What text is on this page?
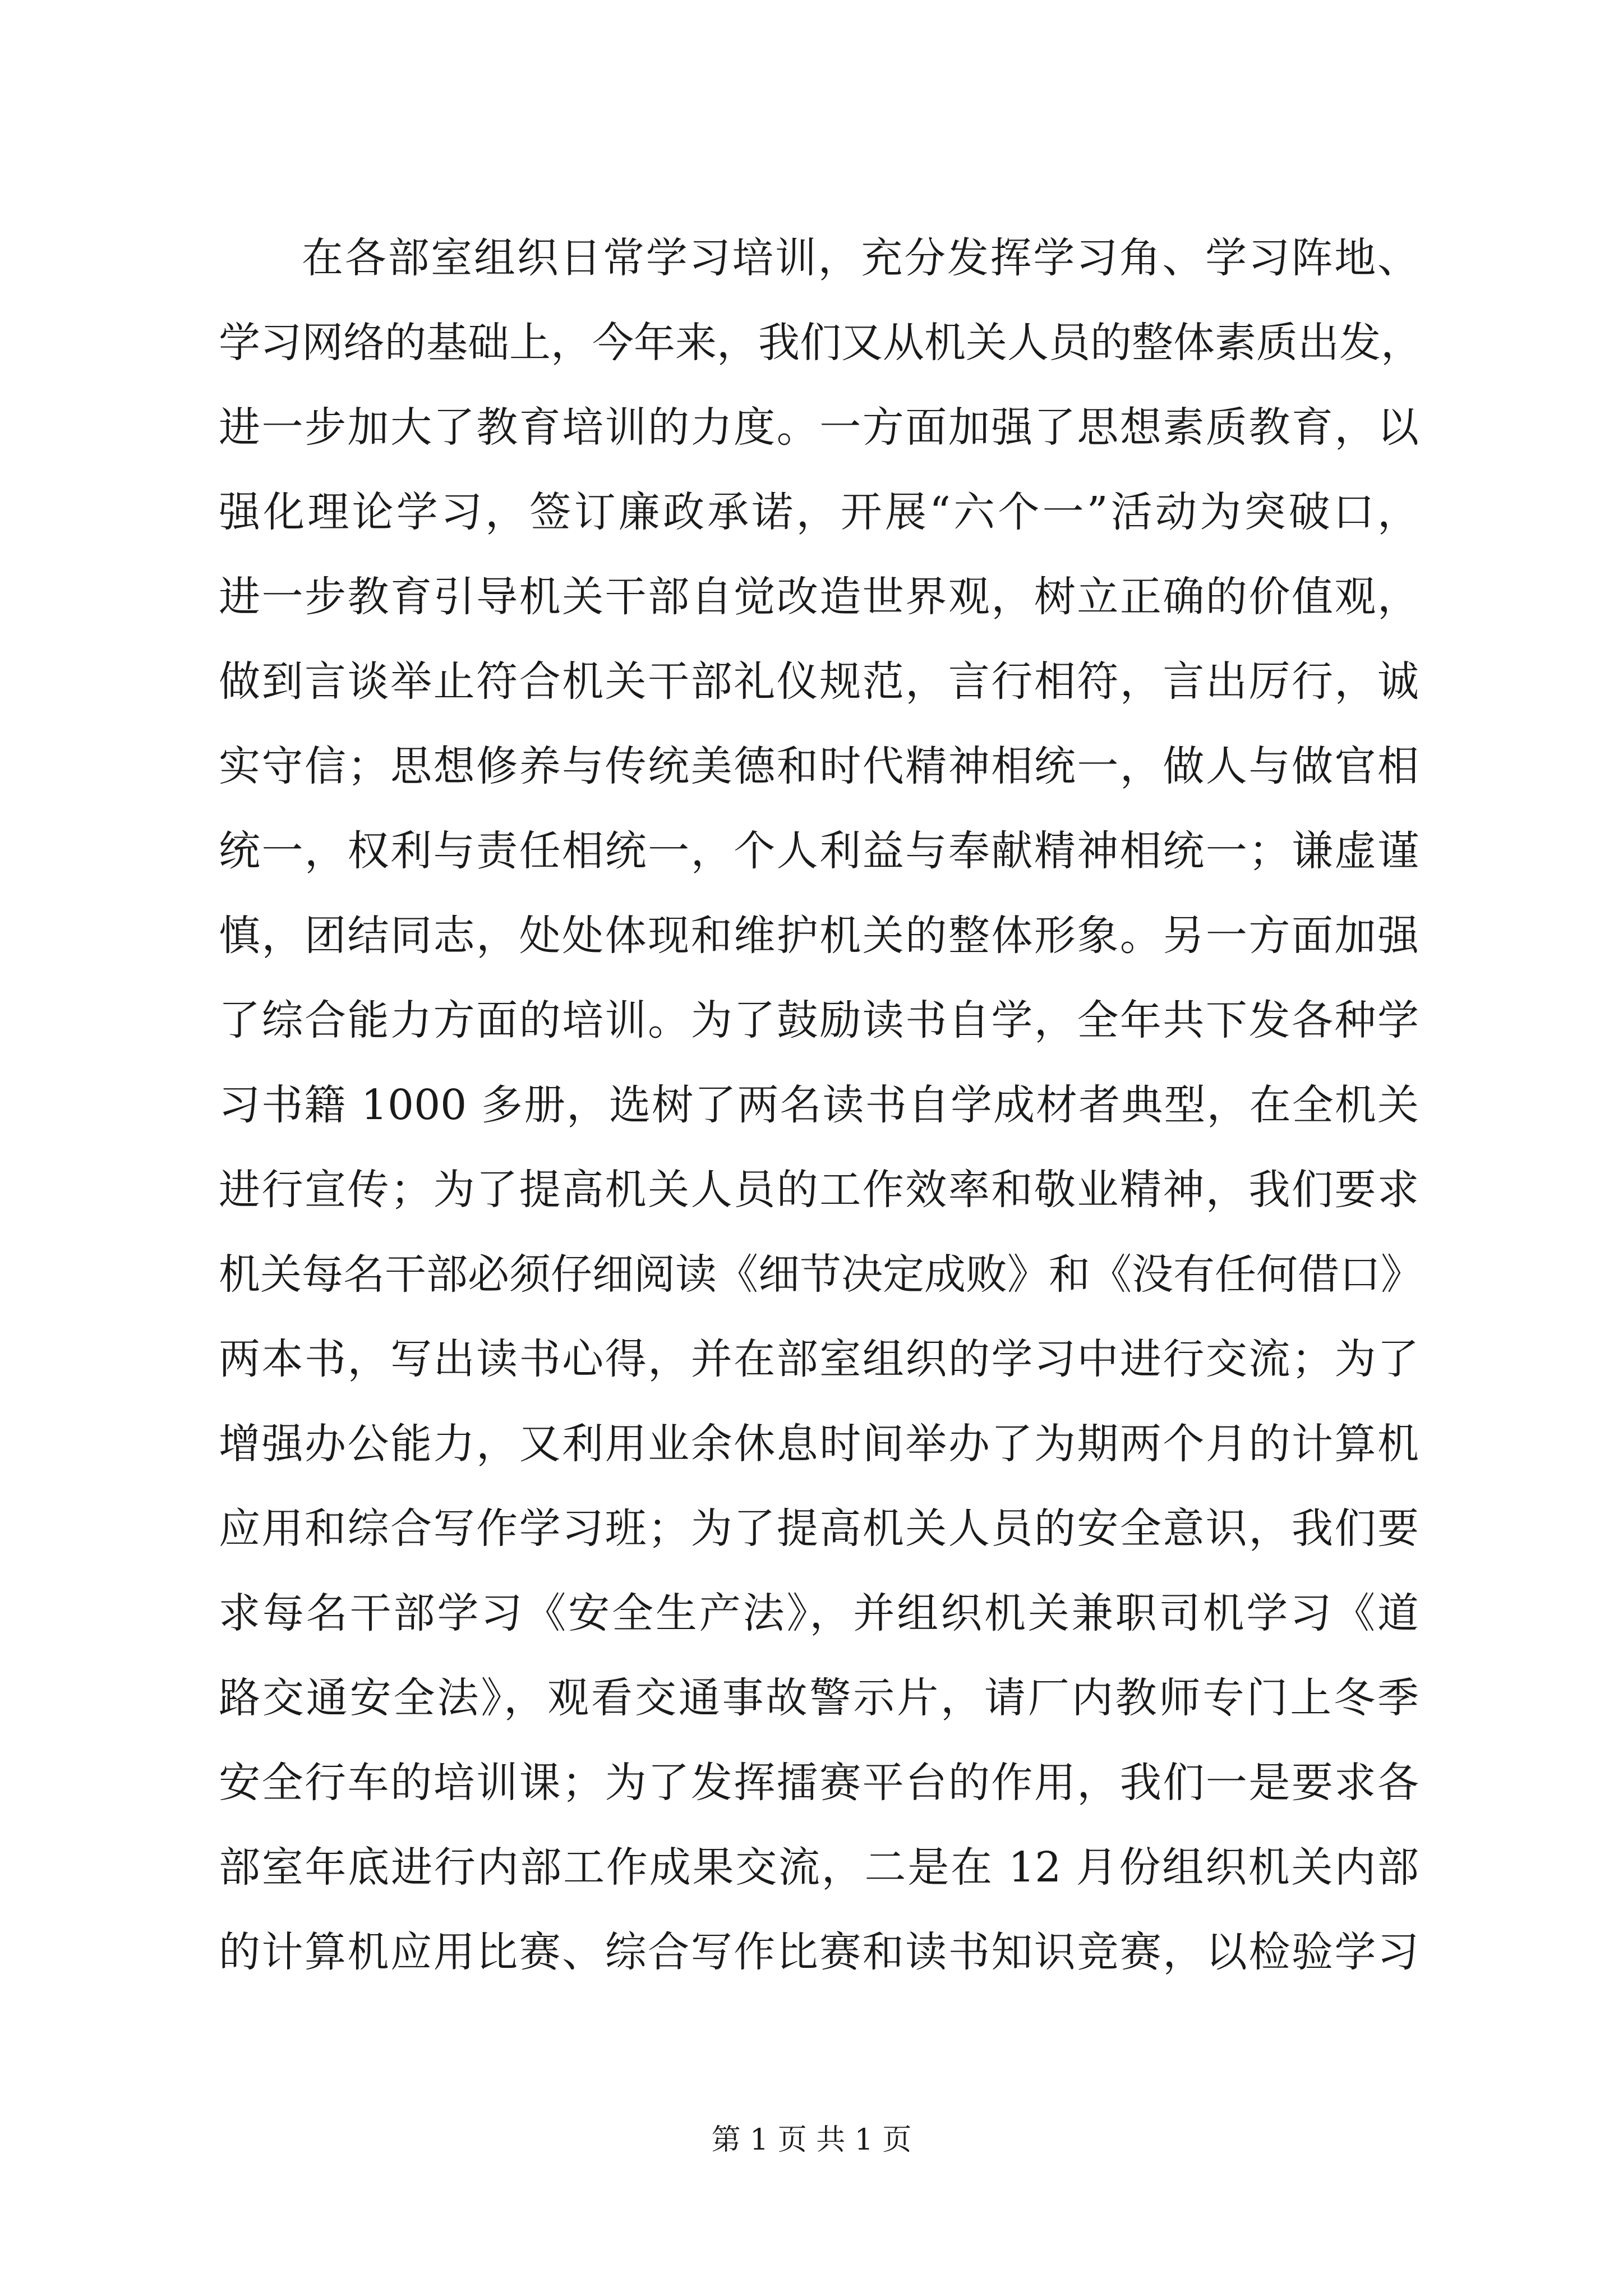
在各部室组织日常学习培训，充分发挥学习角、学习阵地、
学习网络的基础上，今年来，我们又从机关人员的整体素质出发，
进一步加大了教育培训的力度。一方面加强了思想素质教育，以
强化理论学习，签订廉政承诺，开展“六个一”活动为突破口，
进一步教育引导机关干部自觉改造世界观，树立正确的价值观，
做到言谈举止符合机关干部礼仪规范，言行相符，言出厉行，诚
实守信；思想修养与传统美德和时代精神相统一，做人与做官相
统一，权利与责任相统一，个人利益与奉献精神相统一；谦虚谨
慎，团结同志，处处体现和维护机关的整体形象。另一方面加强
了综合能力方面的培训。为了鼓励读书自学，全年共下发各种学
习书籍 1000 多册，选树了两名读书自学成材者典型，在全机关
进行宣传；为了提高机关人员的工作效率和敬业精神，我们要求
机关每名干部必须仔细阅读《细节决定成败》和《没有任何借口》
两本书，写出读书心得，并在部室组织的学习中进行交流；为了
增强办公能力，又利用业余休息时间举办了为期两个月的计算机
应用和综合写作学习班；为了提高机关人员的安全意识，我们要
求每名干部学习《安全生产法》，并组织机关兼职司机学习《道
路交通安全法》，观看交通事故警示片，请厂内教师专门上冬季
安全行车的培训课；为了发挥擂赛平台的作用，我们一是要求各
部室年底进行内部工作成果交流，二是在 12 月份组织机关内部
的计算机应用比赛、综合写作比赛和读书知识竞赛，以检验学习
第 1 页 共 1 页
